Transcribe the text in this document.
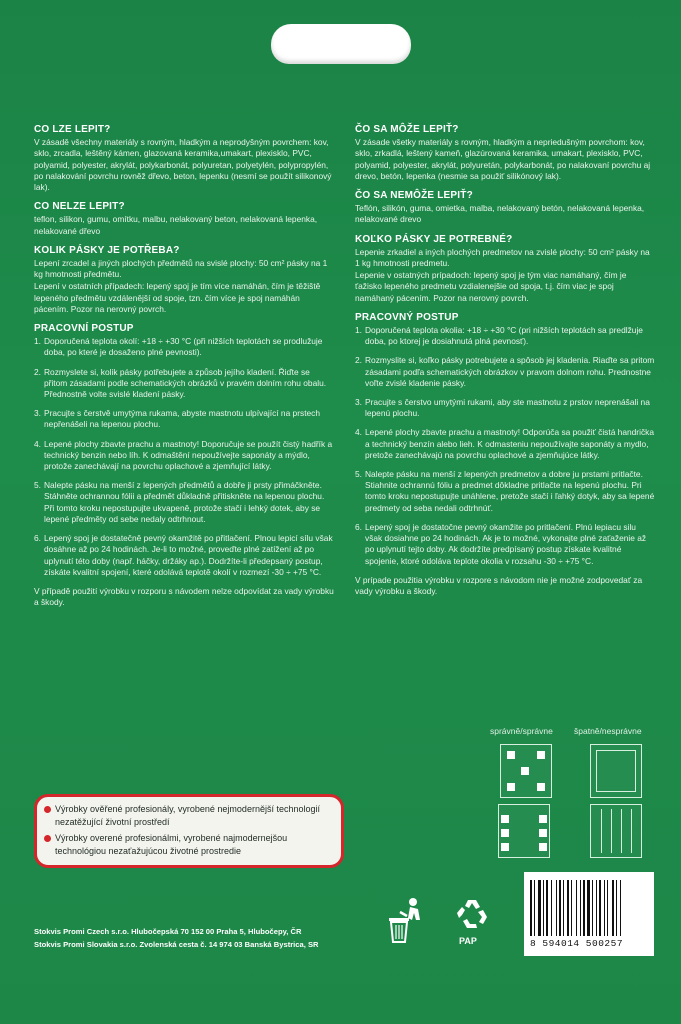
CO LZE LEPIT?

V zásadě všechny materiály s rovným, hladkým a neprodyšným povrchem: kov, sklo, zrcadla, leštěný kámen, glazovaná keramika,umakart, plexisklo, PVC, polyamid, polyester, akrylát, polykarbonát, polyuretan, polyetylén, polypropylén, po nalakování povrchu rovněž dřevo, beton, lepenku (nesmí se použít silikonový lak).

CO NELZE LEPIT?

teflon, silikon, gumu, omítku, malbu, nelakovaný beton, nelakovaná lepenka, nelakované dřevo

KOLIK PÁSKY JE POTŘEBA?

Lepení zrcadel a jiných plochých předmětů na svislé plochy: 50 cm² pásky na 1 kg hmotnosti předmětu.

Lepení v ostatních případech: lepený spoj je tím více namáhán, čím je těžiště lepeného předmětu vzdálenější od spoje, tzn. čím více je spoj namáhán pácením. Pozor na nerovný povrch.

PRACOVNÍ POSTUP
1. Doporučená teplota okolí: +18 ÷ +30 °C (při nižších teplotách se prodlužuje doba, po které je dosaženo plné pevnosti).
2. Rozmyslete si, kolik pásky potřebujete a způsob jejího kladení. Řiďte se přitom zásadami podle schematických obrázků v pravém dolním rohu obalu. Přednostně volte svislé kladení pásky.
3. Pracujte s čerstvě umytýma rukama, abyste mastnotu ulpívající na prstech nepřenášeli na lepenou plochu.
4. Lepené plochy zbavte prachu a mastnoty! Doporučuje se použít čistý hadřík a technický benzin nebo líh. K odmaštění nepoužívejte saponáty a mýdlo, protože zanechávají na povrchu oplachové a zjemňující látky.
5. Nalepte pásku na menší z lepených předmětů a dobře ji prsty přimáčkněte. Stáhněte ochrannou fólii a předmět důkladně přitiskněte na lepenou plochu. Při tomto kroku nepostupujte ukvapeně, protože stačí i lehký dotek, aby se lepené předměty od sebe nedaly odtrhnout.
6. Lepený spoj je dostatečně pevný okamžitě po přitlačení. Plnou lepicí sílu však dosáhne až po 24 hodinách. Je-li to možné, proveďte plné zatížení až po uplynutí této doby (např. háčky, držáky ap.). Dodržíte-li předepsaný postup, získáte kvalitní spojení, které odolává teplotě okolí v rozmezí -30 ÷ +75 °C.

V případě použití výrobku v rozporu s návodem nelze odpovídat za vady výrobku a škody.

ČO SA MÔŽE LEPIŤ?

V zásade všetky materiály s rovným, hladkým a nepriedušným povrchom: kov, sklo, zrkadlá, leštený kameň, glazúrovaná keramika, umakart, plexisklo, PVC, polyamid, polyester, akrylát, polyuretán, polykarbonát, po nalakovaní povrchu aj drevo, betón, lepenka (nesmie sa použiť silikónový lak).

ČO SA NEMÔŽE LEPIŤ?

Teflón, silikón, guma, omietka, malba, nelakovaný betón, nelakovaná lepenka, nelakované drevo

KOĽKO PÁSKY JE POTREBNÉ?

Lepenie zrkadiel a iných plochých predmetov na zvislé plochy: 50 cm² pásky na 1 kg hmotnosti predmetu.

Lepenie v ostatných prípadoch: lepený spoj je tým viac namáhaný, čím je ťažisko lepeného predmetu vzdialenejšie od spoja, t.j. čím viac je spoj namáhaný pácením. Pozor na nerovný povrch.

PRACOVNÝ POSTUP
1. Doporučená teplota okolia: +18 ÷ +30 °C (pri nižších teplotách sa predlžuje doba, po ktorej je dosiahnutá plná pevnosť).
2. Rozmyslite si, koľko pásky potrebujete a spôsob jej kladenia. Riaďte sa pritom zásadami podľa schematických obrázkov v pravom dolnom rohu. Prednostne voľte zvislé kladenie pásky.
3. Pracujte s čerstvo umytými rukami, aby ste mastnotu z prstov neprenášali na lepenú plochu.
4. Lepené plochy zbavte prachu a mastnoty! Odporúča sa použiť čistá handrička a technický benzín alebo lieh. K odmasteniu nepoužívajte saponáty a mydlo, pretože zanechávajú na povrchu oplachové a zjemňujúce látky.
5. Nalepte pásku na menší z lepených predmetov a dobre ju prstami pritlačte. Stiahnite ochrannú fóliu a predmet dôkladne pritlačte na lepenú plochu. Pri tomto kroku nepostupujte unáhlene, pretože stačí i ľahký dotyk, aby sa lepené predmety od seba nedali odtrhnúť.
6. Lepený spoj je dostatočne pevný okamžite po pritlačení. Plnú lepiacu silu však dosiahne po 24 hodinách. Ak je to možné, vykonajte plné zaťaženie až po uplynutí tejto doby. Ak dodržíte predpísaný postup získate kvalitné spojenie, ktoré odoláva teplote okolia v rozsahu -30 ÷ +75 °C.

V prípade použitia výrobku v rozpore s návodom nie je možné zodpovedať za vady výrobku a škody.

správně/správne špatně/nesprávne
Výrobky ověřené profesionály, vyrobené nejmodernější technologií nezatěžující životní prostředí
Výrobky overené profesionálmi, vyrobené najmodernejšou technológiou nezaťažujúcou životné prostredie
Stokvis Promi Czech s.r.o. Hlubočepská 70 152 00 Praha 5, Hlubočepy, ČR
Stokvis Promi Slovakia s.r.o. Zvolenská cesta č. 14 974 03 Banská Bystrica, SR	PAP	8 594014 500257
